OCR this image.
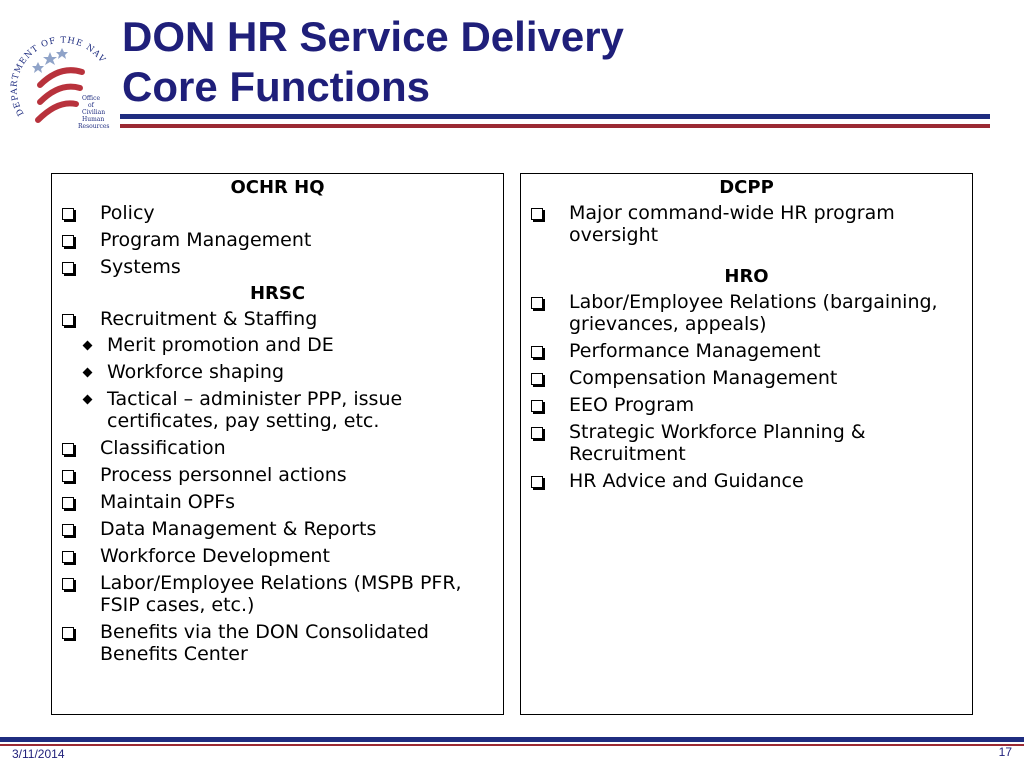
DEPARTMENT OF THE NAV
Office
of
Civilian
Human
Resources
DON HR Service Delivery
Core Functions
OCHR HQ
Policy
Program Management
Systems
HRSC
Recruitment & Staffing
Merit promotion and DE
Workforce shaping
Tactical – administer PPP, issue certificates, pay setting, etc.
Classification
Process personnel actions
Maintain OPFs
Data Management & Reports
Workforce Development
Labor/Employee Relations (MSPB PFR, FSIP cases, etc.)
Benefits via the DON Consolidated Benefits Center
DCPP
Major command-wide HR program oversight
HRO
Labor/Employee Relations (bargaining, grievances, appeals)
Performance Management
Compensation Management
EEO Program
Strategic Workforce Planning & Recruitment
HR Advice and Guidance
3/11/2014	17
